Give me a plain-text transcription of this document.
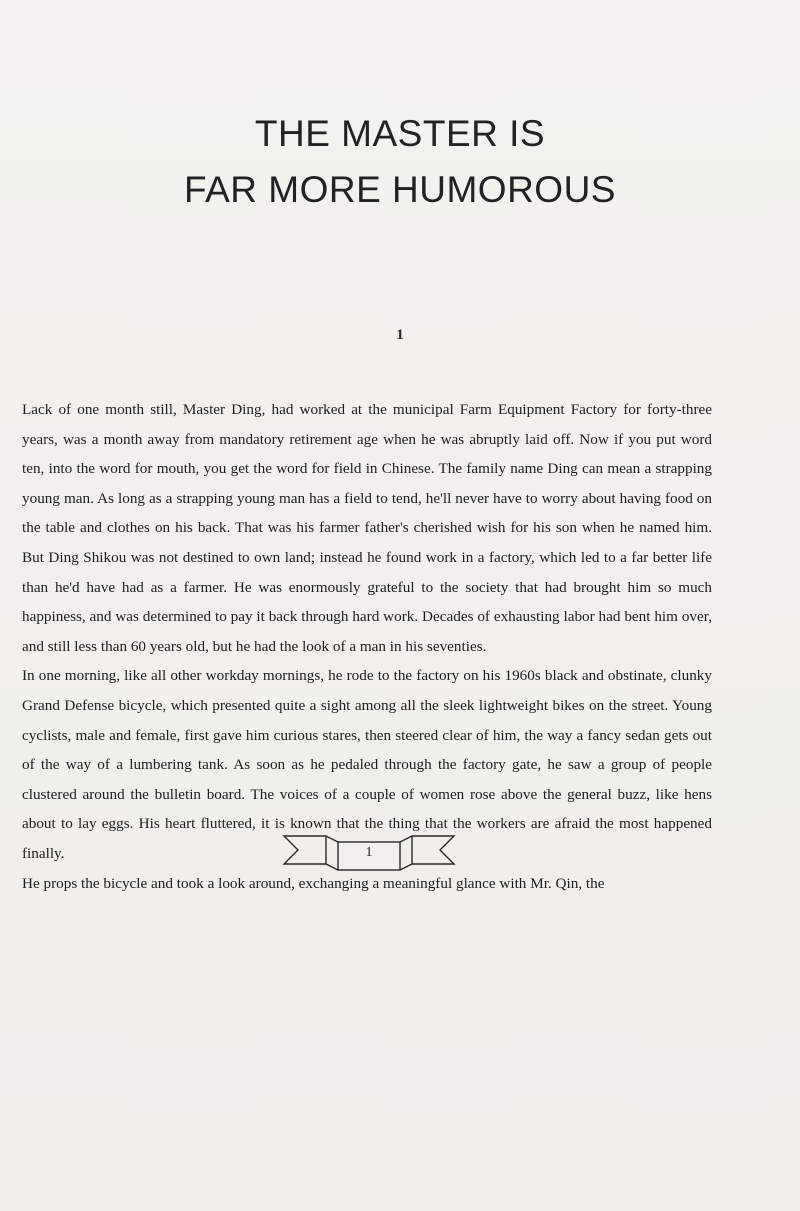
THE MASTER IS
FAR MORE HUMOROUS
1

Lack of one month still, Master Ding, had worked at the municipal Farm Equipment Factory for forty-three years, was a month away from mandatory retirement age when he was abruptly laid off. Now if you put word ten, into the word for mouth, you get the word for field in Chinese. The family name Ding can mean a strapping young man. As long as a strapping young man has a field to tend, he'll never have to worry about having food on the table and clothes on his back. That was his farmer father's cherished wish for his son when he named him. But Ding Shikou was not destined to own land; instead he found work in a factory, which led to a far better life than he'd have had as a farmer. He was enormously grateful to the society that had brought him so much happiness, and was determined to pay it back through hard work. Decades of exhausting labor had bent him over, and still less than 60 years old, but he had the look of a man in his seventies.

In one morning, like all other workday mornings, he rode to the factory on his 1960s black and obstinate, clunky Grand Defense bicycle, which presented quite a sight among all the sleek lightweight bikes on the street. Young cyclists, male and female, first gave him curious stares, then steered clear of him, the way a fancy sedan gets out of the way of a lumbering tank. As soon as he pedaled through the factory gate, he saw a group of people clustered around the bulletin board. The voices of a couple of women rose above the general buzz, like hens about to lay eggs. His heart fluttered, it is known that the thing that the workers are afraid the most happened finally.

He props the bicycle and took a look around, exchanging a meaningful glance with Mr. Qin, the

1
